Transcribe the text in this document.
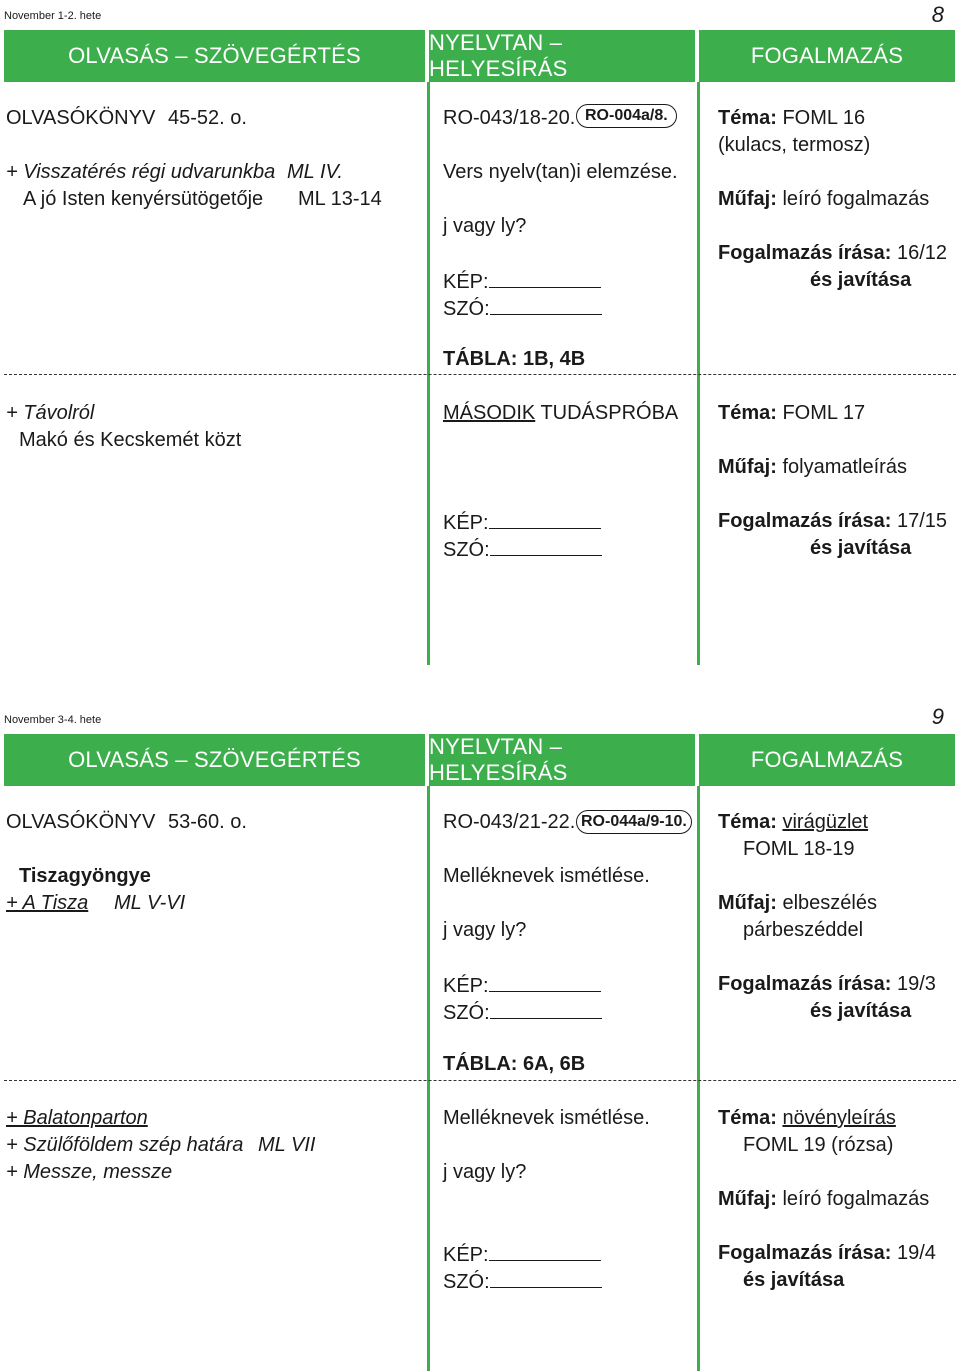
November 1-2. hete	8
OLVASÁS – SZÖVEGÉRTÉS
NYELVTAN – HELYESÍRÁS
FOGALMAZÁS
OLVASÓKÖNYV 45-52. o.
+ Visszatérés régi udvarunkba ML IV.
A jó Isten kenyérsütögetője ML 13-14
+ Távolról
Makó és Kecskemét közt
RO-043/18-20. RO-004a/8.
Vers nyelv(tan)i elemzése.
j vagy ly?
KÉP:
SZÓ:
TÁBLA: 1B, 4B
MÁSODIK TUDÁSPRÓBA
KÉP:
SZÓ:
Téma: FOML 16
(kulacs, termosz)
Műfaj: leíró fogalmazás
Fogalmazás írása: 16/12
és javítása
Téma: FOML 17
Műfaj: folyamatleírás
Fogalmazás írása: 17/15
és javítása
November 3-4. hete	9
OLVASÁS – SZÖVEGÉRTÉS
NYELVTAN – HELYESÍRÁS
FOGALMAZÁS
OLVASÓKÖNYV 53-60. o.
Tiszagyöngye
+ A Tisza ML V-VI
+ Balatonparton
+ Szülőföldem szép határa ML VII
+ Messze, messze
RO-043/21-22. RO-044a/9-10.
Melléknevek ismétlése.
j vagy ly?
KÉP:
SZÓ:
TÁBLA: 6A, 6B
Melléknevek ismétlése.
j vagy ly?
KÉP:
SZÓ:
Téma: virágüzlet
FOML 18-19
Műfaj: elbeszélés
párbeszéddel
Fogalmazás írása: 19/3
és javítása
Téma: növényleírás
FOML 19 (rózsa)
Műfaj: leíró fogalmazás
Fogalmazás írása: 19/4
és javítása
